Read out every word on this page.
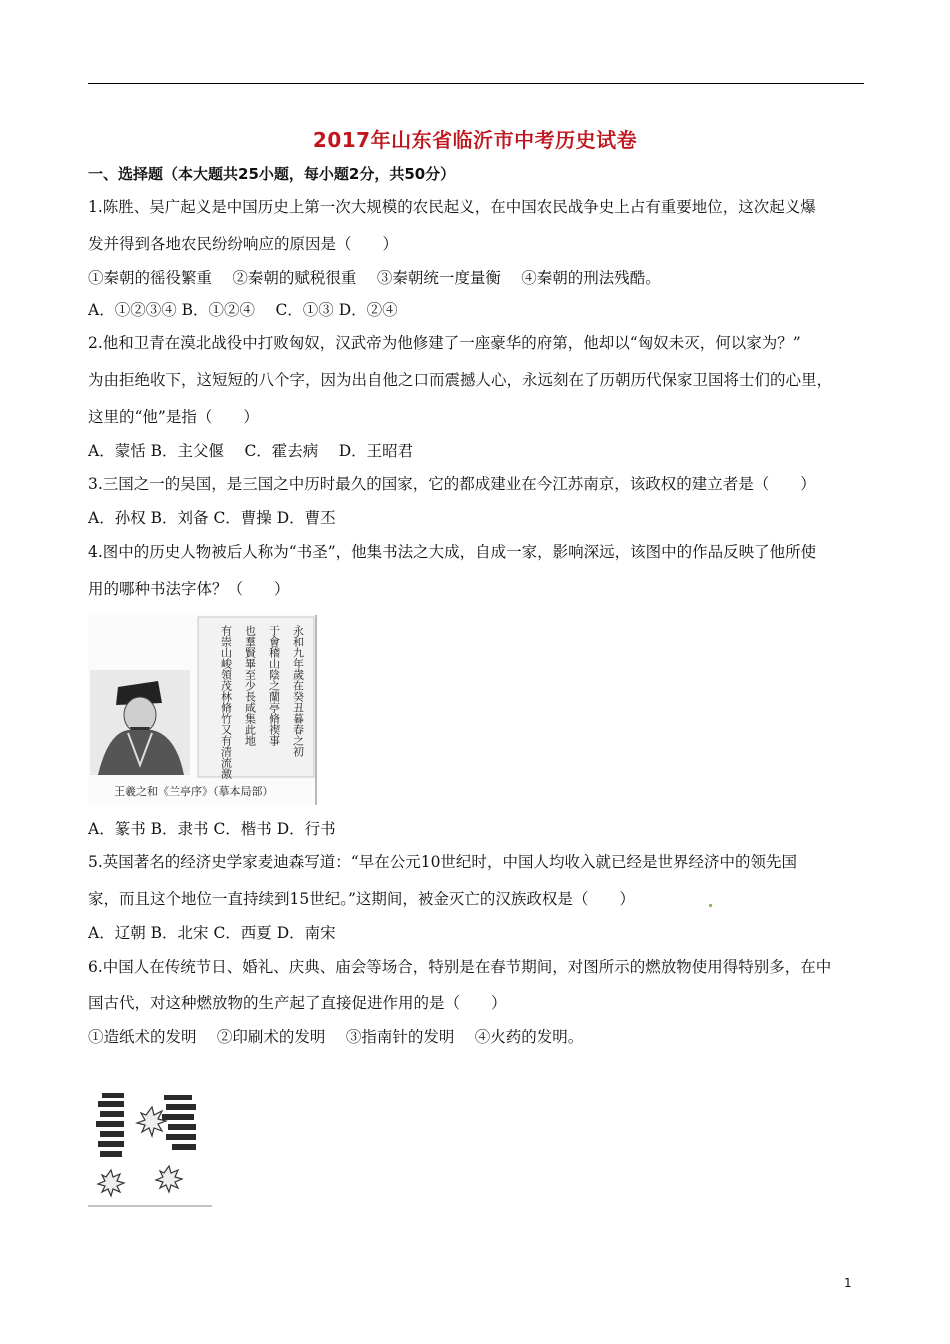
2017年山东省临沂市中考历史试卷
一、选择题（本大题共25小题，每小题2分，共50分）
1.陈胜、吴广起义是中国历史上第一次大规模的农民起义，在中国农民战争史上占有重要地位，这次起义爆
发并得到各地农民纷纷响应的原因是（　　）
①秦朝的徭役繁重　 ②秦朝的赋税很重　 ③秦朝统一度量衡　 ④秦朝的刑法残酷。
A．①②③④ B．①②④　 C．①③ D．②④
2.他和卫青在漠北战役中打败匈奴，汉武帝为他修建了一座豪华的府第，他却以“匈奴未灭，何以家为？”
为由拒绝收下，这短短的八个字，因为出自他之口而震撼人心，永远刻在了历朝历代保家卫国将士们的心里，
这里的“他”是指（　　）
A．蒙恬 B．主父偃　 C．霍去病　 D．王昭君
3.三国之一的吴国，是三国之中历时最久的国家，它的都成建业在今江苏南京，该政权的建立者是（　　）
A．孙权 B．刘备 C．曹操 D．曹丕
4.图中的历史人物被后人称为“书圣”，他集书法之大成，自成一家，影响深远，该图中的作品反映了他所使
用的哪种书法字体？（　　）
永和九年歲在癸丑暮春之初
于會稽山陰之蘭亭脩禊事
也羣賢畢至少長咸集此地
有崇山峻領茂林脩竹又有清流激
王羲之和《兰亭序》（摹本局部）
A．篆书 B．隶书 C．楷书 D．行书
5.英国著名的经济史学家麦迪森写道：“早在公元10世纪时，中国人均收入就已经是世界经济中的领先国
家，而且这个地位一直持续到15世纪。”这期间，被金灭亡的汉族政权是（　　）
A．辽朝 B．北宋 C．西夏 D．南宋
6.中国人在传统节日、婚礼、庆典、庙会等场合，特别是在春节期间，对图所示的燃放物使用得特别多，在中
国古代，对这种燃放物的生产起了直接促进作用的是（　　）
①造纸术的发明　 ②印刷术的发明　 ③指南针的发明　 ④火药的发明。
1
